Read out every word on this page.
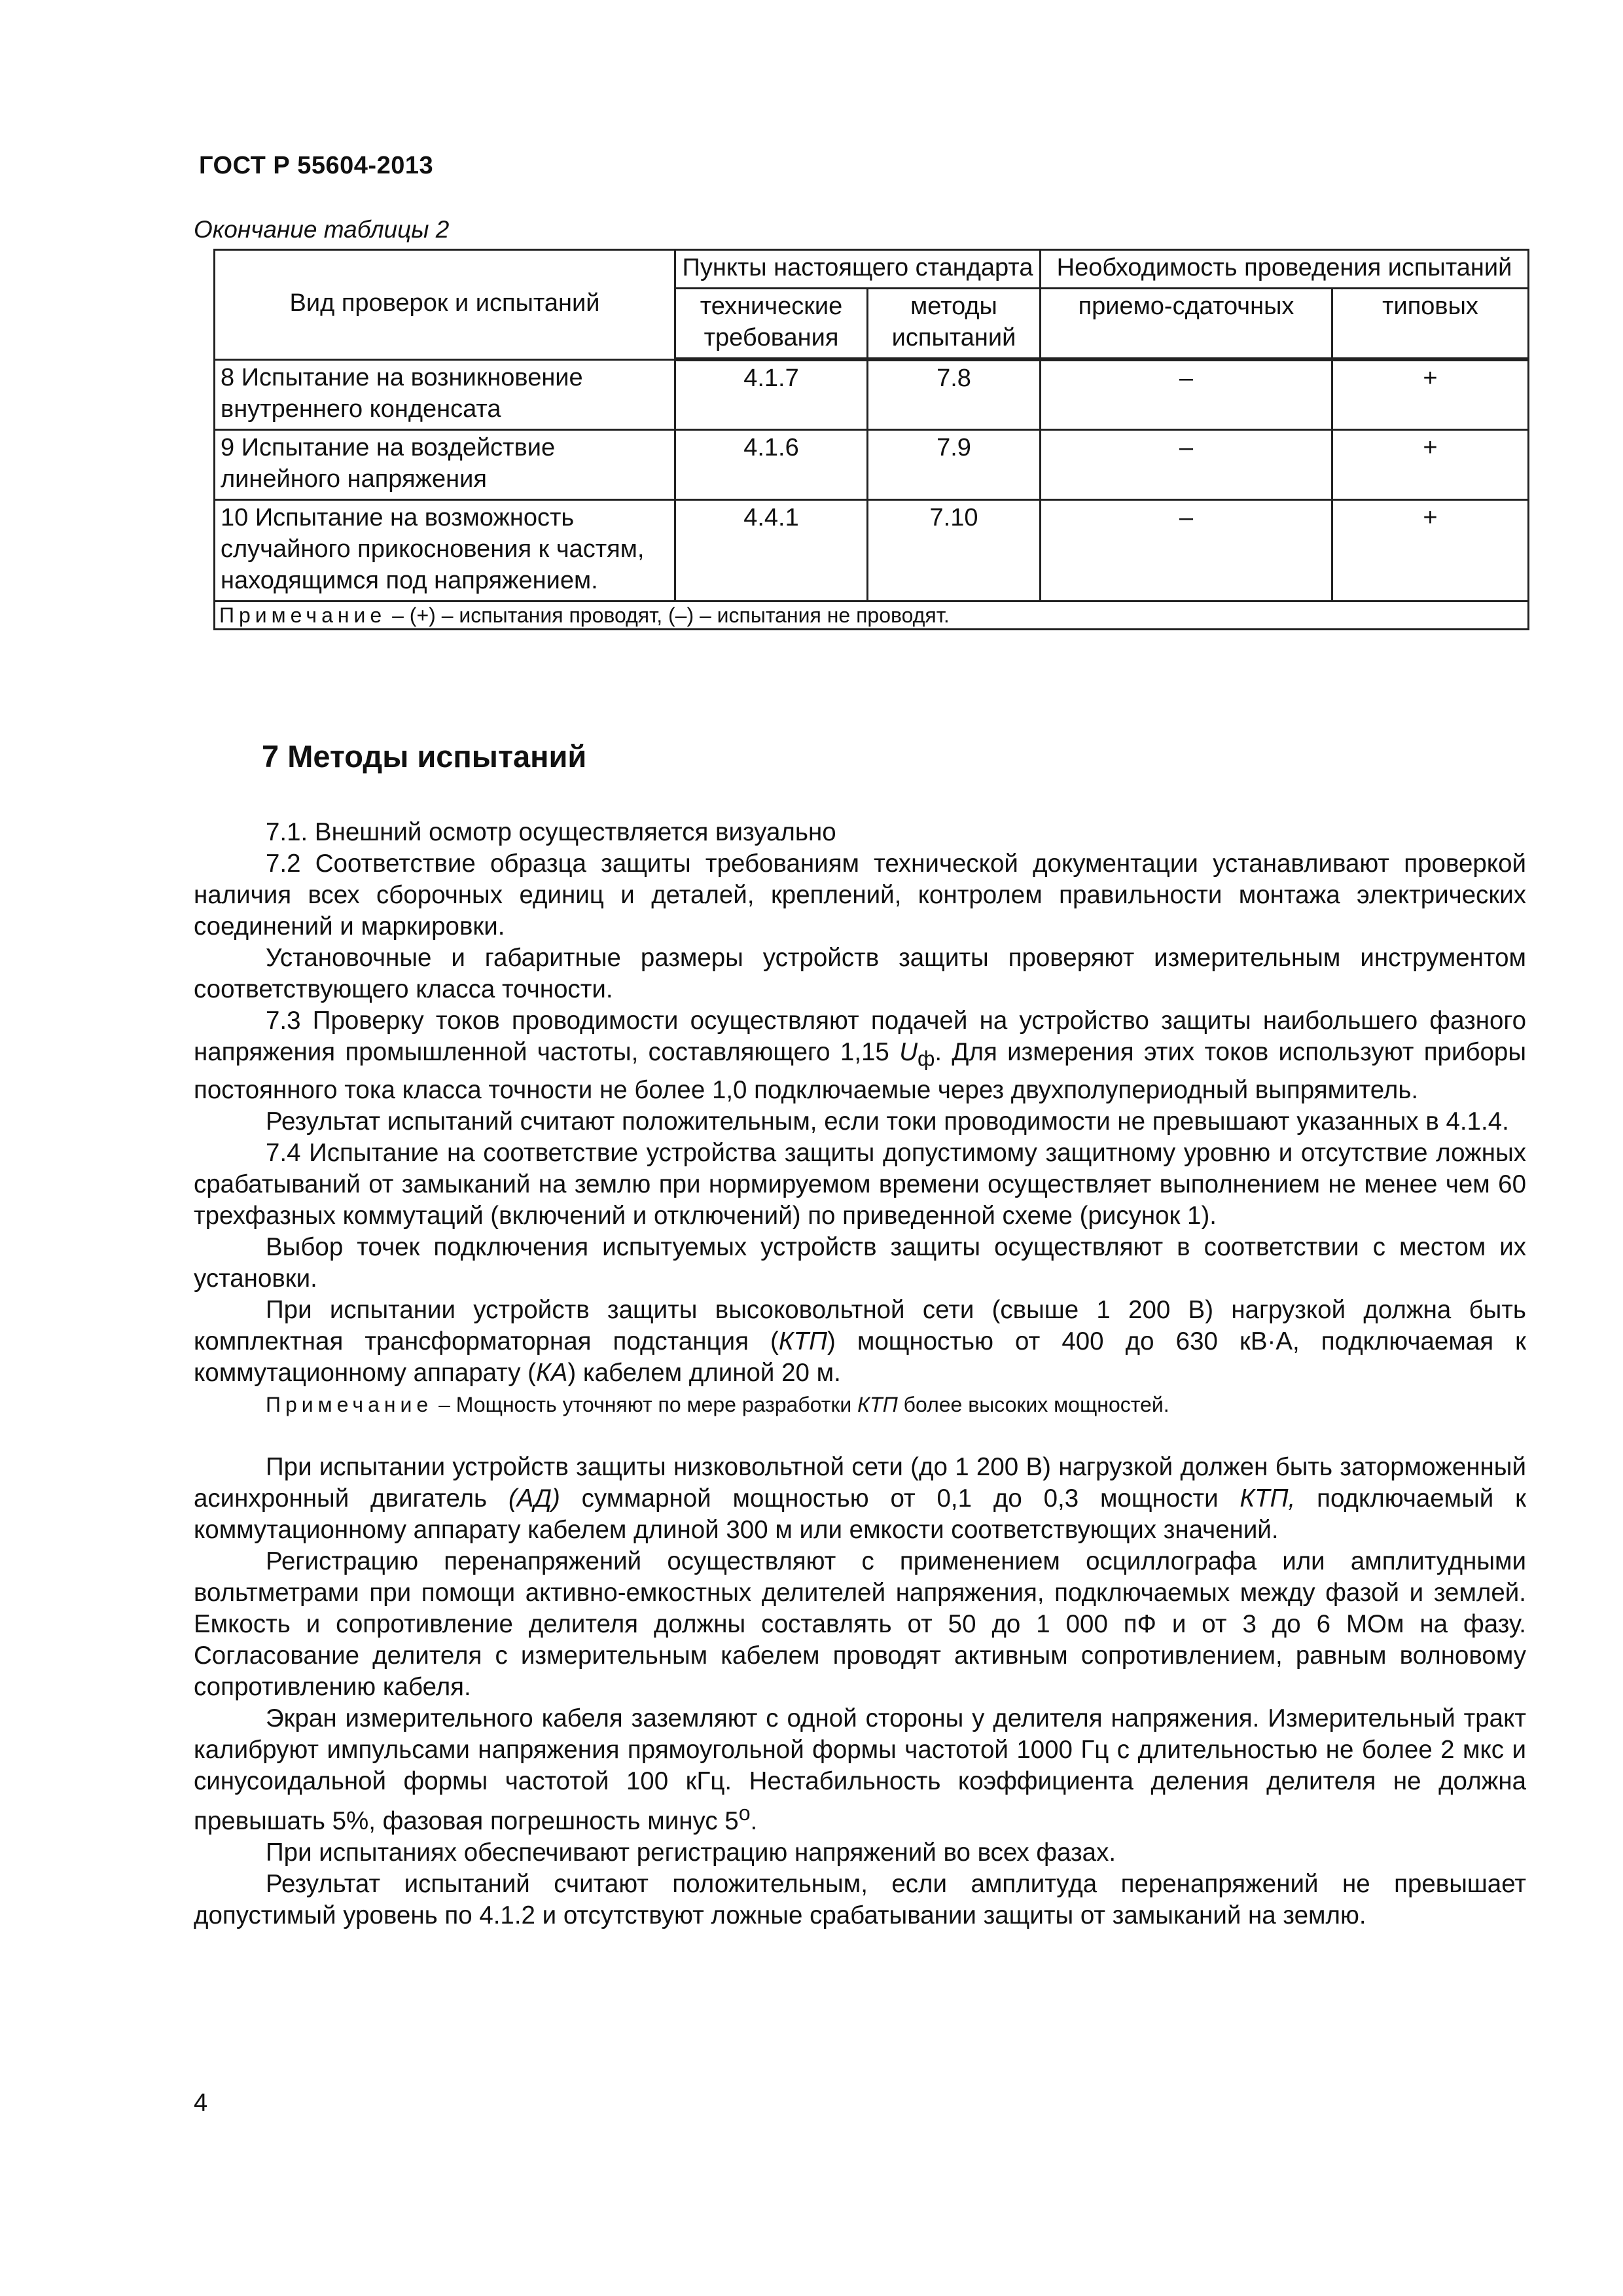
ГОСТ Р 55604-2013
Окончание таблицы 2
Вид проверок и испытаний	Пункты настоящего стандарта		Необходимость проведения испытаний	
	технические требования	методы испытаний	приемо-сдаточных	типовых
8 Испытание на возникновение внутреннего конденсата	4.1.7	7.8	–	+
9 Испытание на воздействие линейного напряжения	4.1.6	7.9	–	+
10 Испытание на возможность случайного прикосновения к частям, находящимся под напряжением.	4.4.1	7.10	–	+
Примечание – (+) – испытания проводят, (–) – испытания не проводят.				
7 Методы испытаний

7.1. Внешний осмотр осуществляется визуально

7.2 Соответствие образца защиты требованиям технической документации устанавливают проверкой наличия всех сборочных единиц и деталей, креплений, контролем правильности монтажа электрических соединений и маркировки.

Установочные и габаритные размеры устройств защиты проверяют измерительным инструментом соответствующего класса точности.

7.3 Проверку токов проводимости осуществляют подачей на устройство защиты наибольшего фазного напряжения промышленной частоты, составляющего 1,15 $U_ф$. Для измерения этих токов используют приборы постоянного тока класса точности не более 1,0 подключаемые через двухполупериодный выпрямитель.

Результат испытаний считают положительным, если токи проводимости не превышают указанных в 4.1.4.

7.4 Испытание на соответствие устройства защиты допустимому защитному уровню и отсутствие ложных срабатываний от замыканий на землю при нормируемом времени осуществляет выполнением не менее чем 60 трехфазных коммутаций (включений и отключений) по приведенной схеме (рисунок 1).

Выбор точек подключения испытуемых устройств защиты осуществляют в соответствии с местом их установки.

При испытании устройств защиты высоковольтной сети (свыше 1 200 В) нагрузкой должна быть комплектная трансформаторная подстанция (КТП) мощностью от 400 до 630 кВ·А, подключаемая к коммутационному аппарату (КА) кабелем длиной 20 м.

Примечание – Мощность уточняют по мере разработки КТП более высоких мощностей.

При испытании устройств защиты низковольтной сети (до 1 200 В) нагрузкой должен быть заторможенный асинхронный двигатель (АД) суммарной мощностью от 0,1 до 0,3 мощности КТП, подключаемый к коммутационному аппарату кабелем длиной 300 м или емкости соответствующих значений.

Регистрацию перенапряжений осуществляют с применением осциллографа или амплитудными вольтметрами при помощи активно-емкостных делителей напряжения, подключаемых между фазой и землей. Емкость и сопротивление делителя должны составлять от 50 до 1 000 пФ и от 3 до 6 МОм на фазу. Согласование делителя с измерительным кабелем проводят активным сопротивлением, равным волновому сопротивлению кабеля.

Экран измерительного кабеля заземляют с одной стороны у делителя напряжения. Измерительный тракт калибруют импульсами напряжения прямоугольной формы частотой 1000 Гц с длительностью не более 2 мкс и синусоидальной формы частотой 100 кГц. Нестабильность коэффициента деления делителя не должна превышать 5%, фазовая погрешность минус $5^о$.

При испытаниях обеспечивают регистрацию напряжений во всех фазах.

Результат испытаний считают положительным, если амплитуда перенапряжений не превышает допустимый уровень по 4.1.2 и отсутствуют ложные срабатывании защиты от замыканий на землю.

4
